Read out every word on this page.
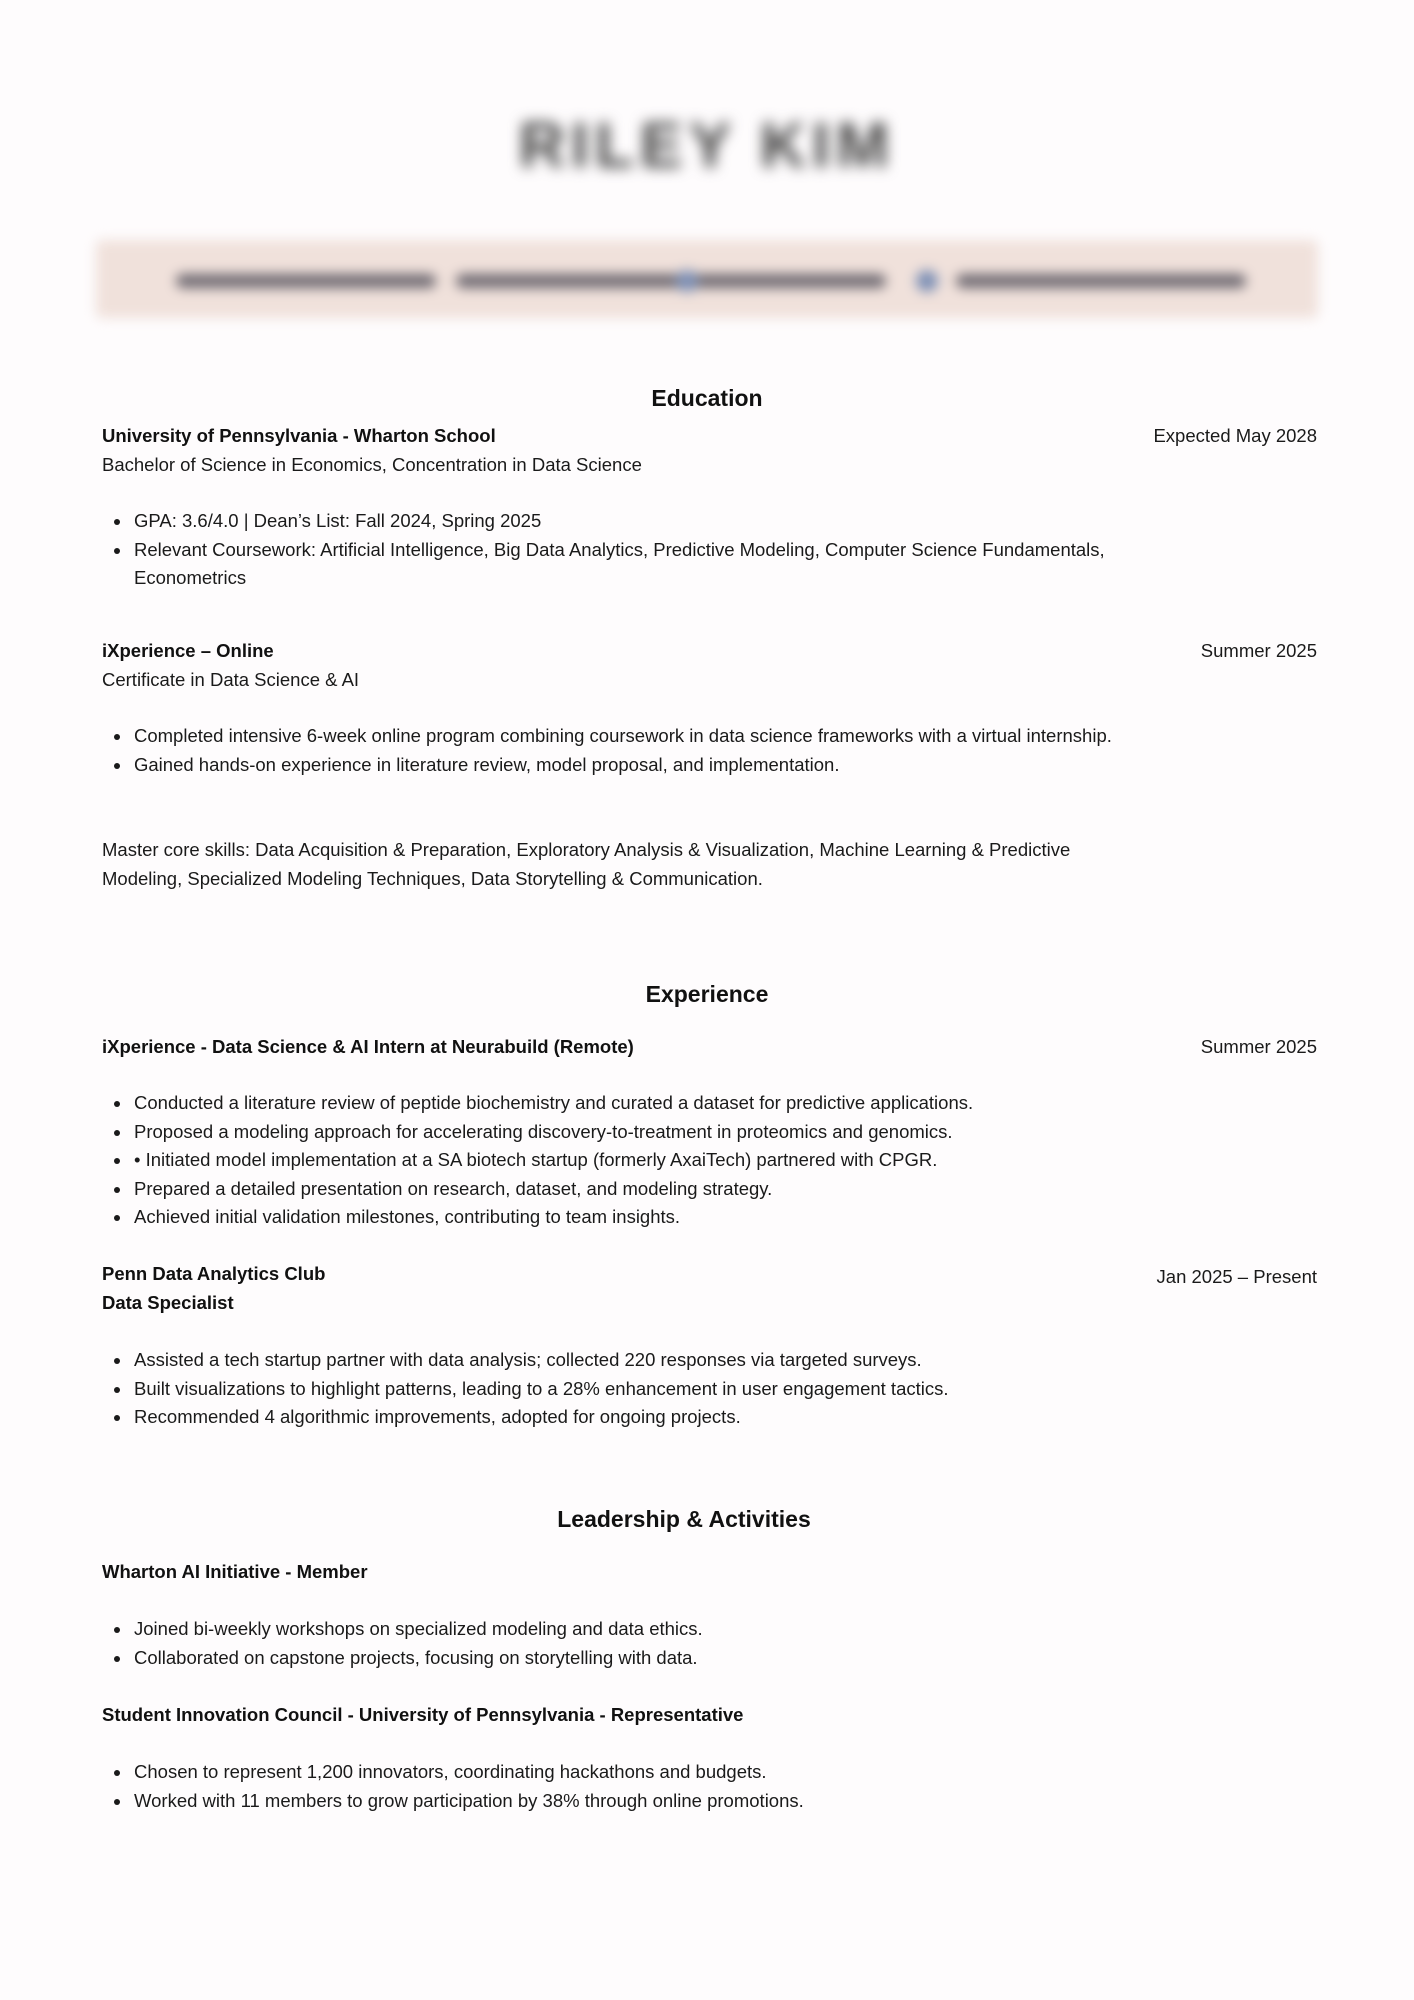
RILEY KIM
Education
University of Pennsylvania - Wharton School	Expected May 2028
Bachelor of Science in Economics, Concentration in Data Science
GPA: 3.6/4.0 | Dean’s List: Fall 2024, Spring 2025
Relevant Coursework: Artificial Intelligence, Big Data Analytics, Predictive Modeling, Computer Science Fundamentals, Econometrics
iXperience – Online	Summer 2025
Certificate in Data Science & AI
Completed intensive 6-week online program combining coursework in data science frameworks with a virtual internship.
Gained hands-on experience in literature review, model proposal, and implementation.
Master core skills: Data Acquisition & Preparation, Exploratory Analysis & Visualization, Machine Learning & Predictive Modeling, Specialized Modeling Techniques, Data Storytelling & Communication.
Experience
iXperience - Data Science & AI Intern at Neurabuild (Remote)	Summer 2025
Conducted a literature review of peptide biochemistry and curated a dataset for predictive applications.
Proposed a modeling approach for accelerating discovery-to-treatment in proteomics and genomics.
• Initiated model implementation at a SA biotech startup (formerly AxaiTech) partnered with CPGR.
Prepared a detailed presentation on research, dataset, and modeling strategy.
Achieved initial validation milestones, contributing to team insights.
Penn Data Analytics Club	Jan 2025 – Present
Data Specialist
Assisted a tech startup partner with data analysis; collected 220 responses via targeted surveys.
Built visualizations to highlight patterns, leading to a 28% enhancement in user engagement tactics.
Recommended 4 algorithmic improvements, adopted for ongoing projects.
Leadership & Activities
Wharton AI Initiative - Member
Joined bi-weekly workshops on specialized modeling and data ethics.
Collaborated on capstone projects, focusing on storytelling with data.
Student Innovation Council - University of Pennsylvania - Representative
Chosen to represent 1,200 innovators, coordinating hackathons and budgets.
Worked with 11 members to grow participation by 38% through online promotions.
